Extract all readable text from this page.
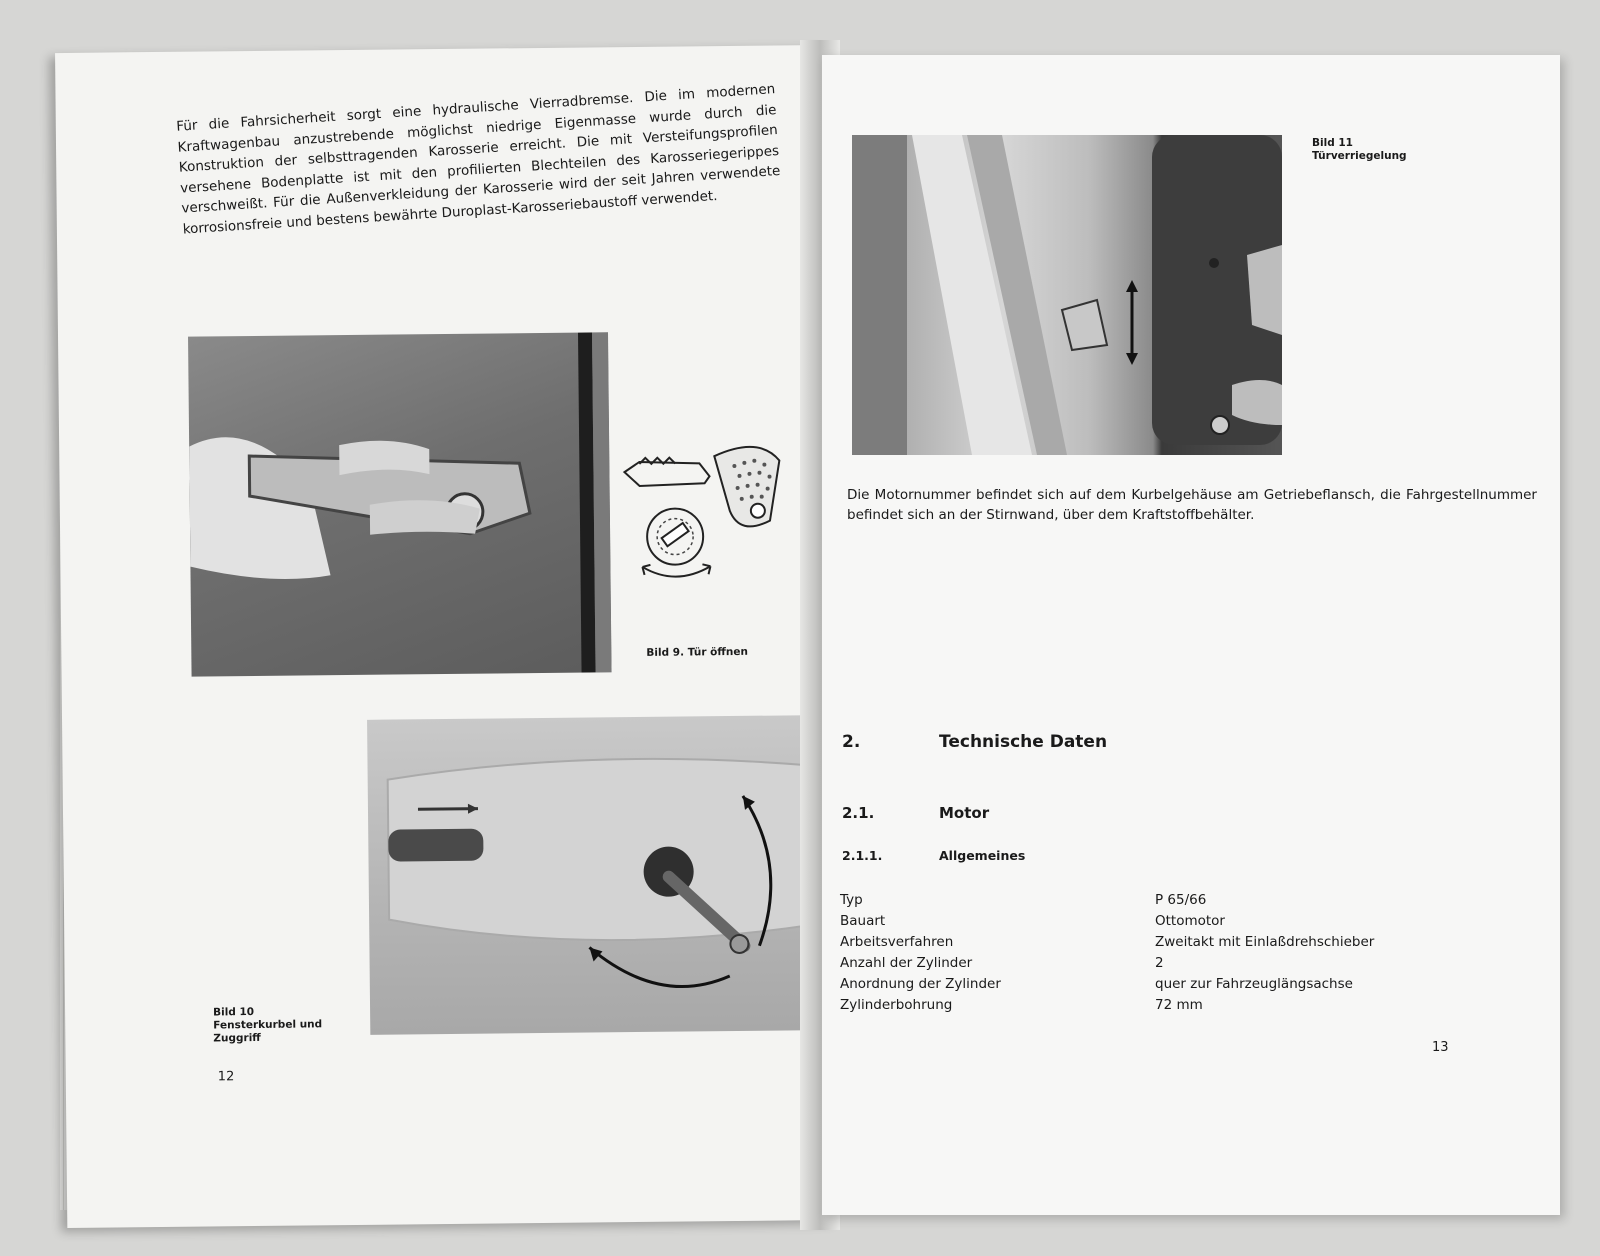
Für die Fahrsicherheit sorgt eine hydraulische Vierradbremse. Die im modernen Kraftwagenbau anzustrebende möglichst niedrige Eigenmasse wurde durch die Konstruktion der selbsttragenden Karosserie erreicht. Die mit Versteifungsprofilen versehene Bodenplatte ist mit den profilierten Blechteilen des Karosseriegerippes verschweißt. Für die Außenverkleidung der Karosserie wird der seit Jahren verwendete korrosionsfreie und bestens bewährte Duroplast-Karosseriebaustoff verwendet.

Bild 9. Tür öffnen
Bild 10
Fensterkurbel und
Zuggriff
12
Bild 11
Türverriegelung
Die Motornummer befindet sich auf dem Kurbelgehäuse am Getriebeflansch, die Fahrgestellnummer befindet sich an der Stirnwand, über dem Kraftstoffbehälter.
2.	Technische Daten
2.1.	Motor
2.1.1.	Allgemeines
Typ	P 65/66
Bauart	Ottomotor
Arbeitsverfahren	Zweitakt mit Einlaßdrehschieber
Anzahl der Zylinder	2
Anordnung der Zylinder	quer zur Fahrzeuglängsachse
Zylinderbohrung	72 mm
13
